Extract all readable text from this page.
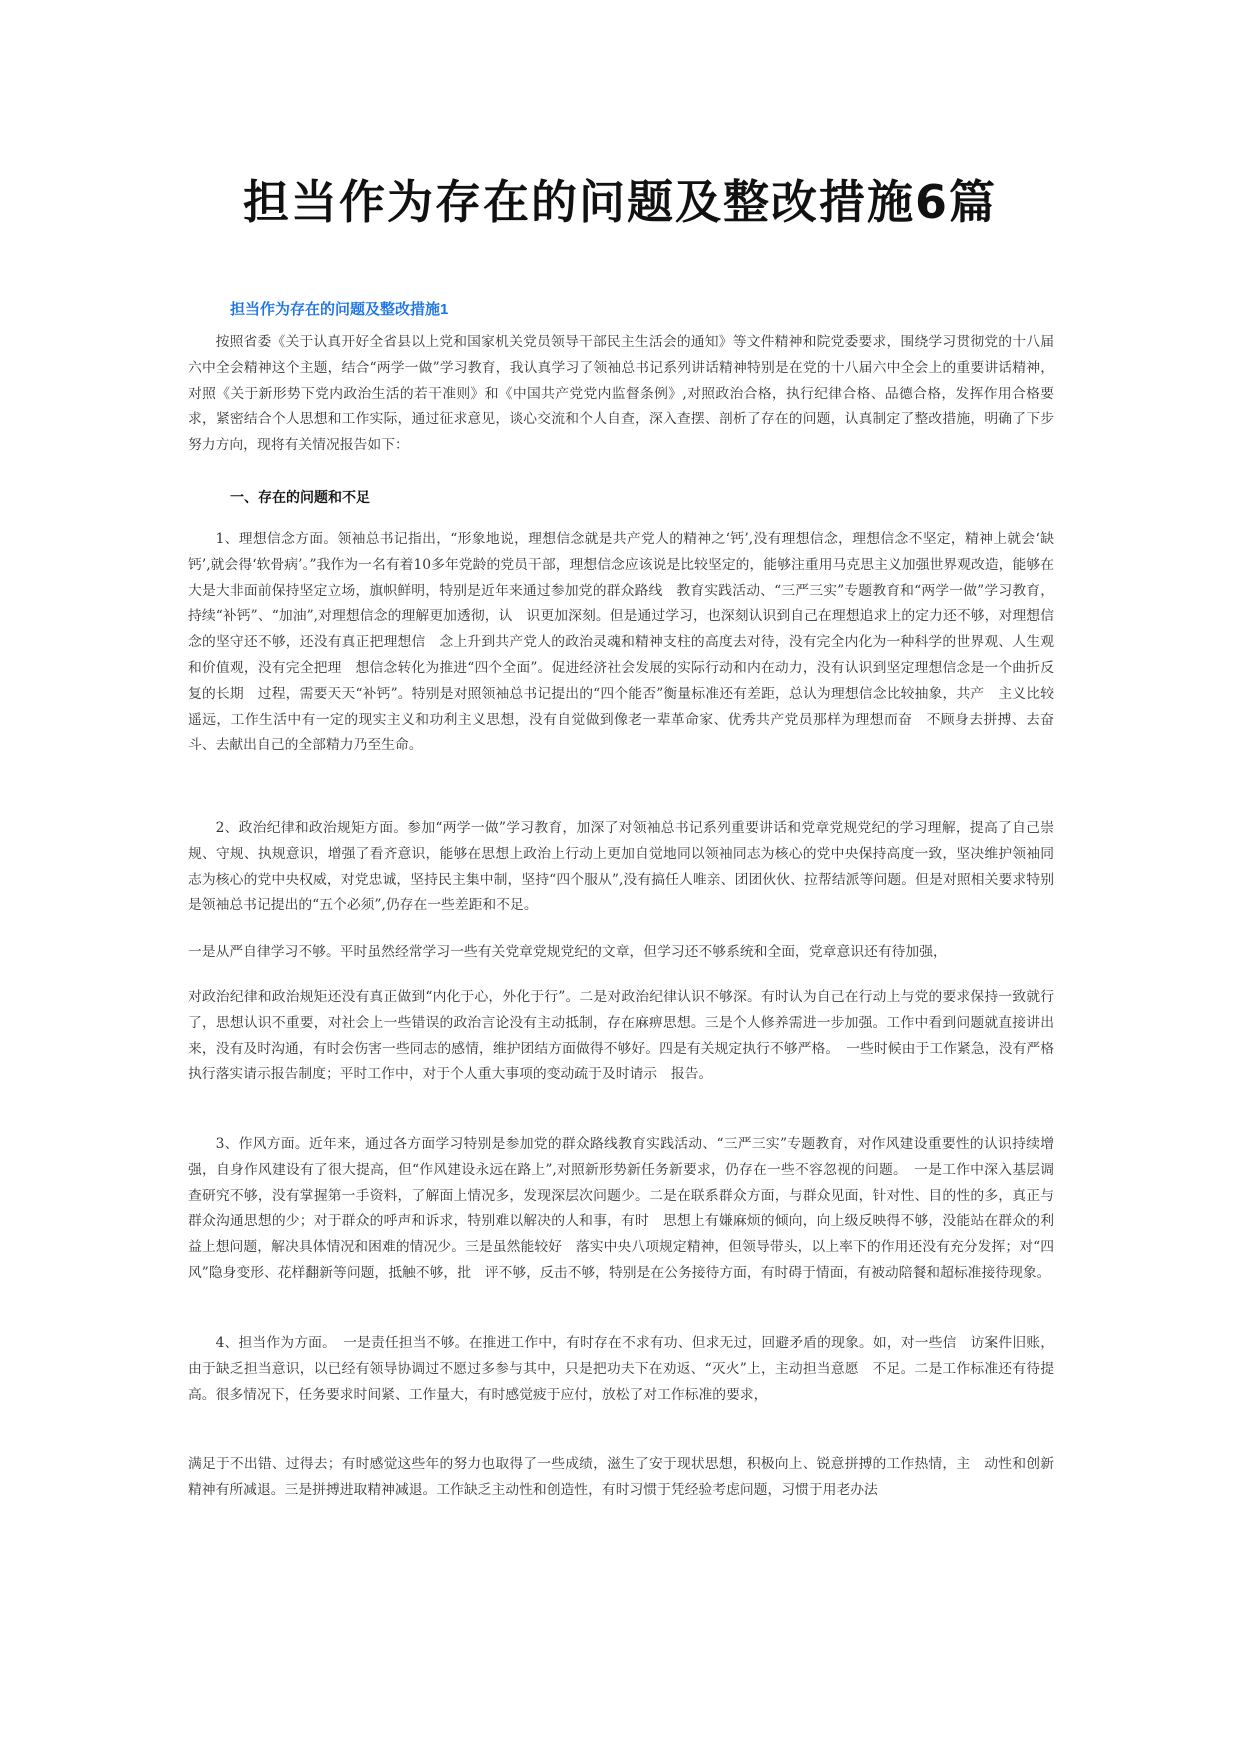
担当作为存在的问题及整改措施6篇
担当作为存在的问题及整改措施1

按照省委《关于认真开好全省县以上党和国家机关党员领导干部民主生活会的通知》等文件精神和院党委要求，围绕学习贯彻党的十八届六中全会精神这个主题，结合“两学一做”学习教育，我认真学习了领袖总书记系列讲话精神特别是在党的十八届六中全会上的重要讲话精神，对照《关于新形势下党内政治生活的若干准则》和《中国共产党党内监督条例》,对照政治合格，执行纪律合格、品德合格，发挥作用合格要求，紧密结合个人思想和工作实际，通过征求意见，谈心交流和个人自查，深入查摆、剖析了存在的问题，认真制定了整改措施，明确了下步努力方向，现将有关情况报告如下：

一、存在的问题和不足

1、理想信念方面。领袖总书记指出，“形象地说，理想信念就是共产党人的精神之‘钙’,没有理想信念，理想信念不坚定，精神上就会‘缺钙’,就会得‘软骨病’。”我作为一名有着10多年党龄的党员干部，理想信念应该说是比较坚定的，能够注重用马克思主义加强世界观改造，能够在大是大非面前保持坚定立场，旗帜鲜明，特别是近年来通过参加党的群众路线　教育实践活动、“三严三实”专题教育和“两学一做”学习教育，持续“补钙”、“加油”,对理想信念的理解更加透彻，认　识更加深刻。但是通过学习，也深刻认识到自己在理想追求上的定力还不够，对理想信念的坚守还不够，还没有真正把理想信　念上升到共产党人的政治灵魂和精神支柱的高度去对待，没有完全内化为一种科学的世界观、人生观和价值观，没有完全把理　想信念转化为推进“四个全面”。促进经济社会发展的实际行动和内在动力，没有认识到坚定理想信念是一个曲折反复的长期　过程，需要天天“补钙”。特别是对照领袖总书记提出的“四个能否”衡量标准还有差距，总认为理想信念比较抽象，共产　主义比较遥远，工作生活中有一定的现实主义和功利主义思想，没有自觉做到像老一辈革命家、优秀共产党员那样为理想而奋　不顾身去拼搏、去奋斗、去献出自己的全部精力乃至生命。

2、政治纪律和政治规矩方面。参加“两学一做”学习教育，加深了对领袖总书记系列重要讲话和党章党规党纪的学习理解，提高了自己崇规、守规、执规意识，增强了看齐意识，能够在思想上政治上行动上更加自觉地同以领袖同志为核心的党中央保持高度一致，坚决维护领袖同志为核心的党中央权威，对党忠诚，坚持民主集中制，坚持“四个服从”,没有搞任人唯亲、团团伙伙、拉帮结派等问题。但是对照相关要求特别是领袖总书记提出的“五个必须”,仍存在一些差距和不足。

一是从严自律学习不够。平时虽然经常学习一些有关党章党规党纪的文章，但学习还不够系统和全面，党章意识还有待加强，

对政治纪律和政治规矩还没有真正做到“内化于心，外化于行”。二是对政治纪律认识不够深。有时认为自己在行动上与党的要求保持一致就行了，思想认识不重要，对社会上一些错误的政治言论没有主动抵制，存在麻痹思想。三是个人修养需进一步加强。工作中看到问题就直接讲出来，没有及时沟通，有时会伤害一些同志的感情，维护团结方面做得不够好。四是有关规定执行不够严格。　一些时候由于工作紧急，没有严格执行落实请示报告制度；平时工作中，对于个人重大事项的变动疏于及时请示　报告。

3、作风方面。近年来，通过各方面学习特别是参加党的群众路线教育实践活动、“三严三实”专题教育，对作风建设重要性的认识持续增强，自身作风建设有了很大提高，但“作风建设永远在路上”,对照新形势新任务新要求，仍存在一些不容忽视的问题。　一是工作中深入基层调查研究不够，没有掌握第一手资料，了解面上情况多，发现深层次问题少。二是在联系群众方面，与群众见面，针对性、目的性的多，真正与群众沟通思想的少；对于群众的呼声和诉求，特别难以解决的人和事，有时　思想上有嫌麻烦的倾向，向上级反映得不够，没能站在群众的利益上想问题，解决具体情况和困难的情况少。三是虽然能较好　落实中央八项规定精神，但领导带头，以上率下的作用还没有充分发挥；对“四风”隐身变形、花样翻新等问题，抵触不够，批　评不够，反击不够，特别是在公务接待方面，有时碍于情面，有被动陪餐和超标准接待现象。

4、担当作为方面。　一是责任担当不够。在推进工作中，有时存在不求有功、但求无过，回避矛盾的现象。如，对一些信　访案件旧账，由于缺乏担当意识，以已经有领导协调过不愿过多参与其中，只是把功夫下在劝返、“灭火”上，主动担当意愿　不足。二是工作标准还有待提高。很多情况下，任务要求时间紧、工作量大，有时感觉疲于应付，放松了对工作标准的要求，

满足于不出错、过得去；有时感觉这些年的努力也取得了一些成绩，滋生了安于现状思想，积极向上、锐意拼搏的工作热情，主　动性和创新精神有所减退。三是拼搏进取精神减退。工作缺乏主动性和创造性，有时习惯于凭经验考虑问题，习惯于用老办法
